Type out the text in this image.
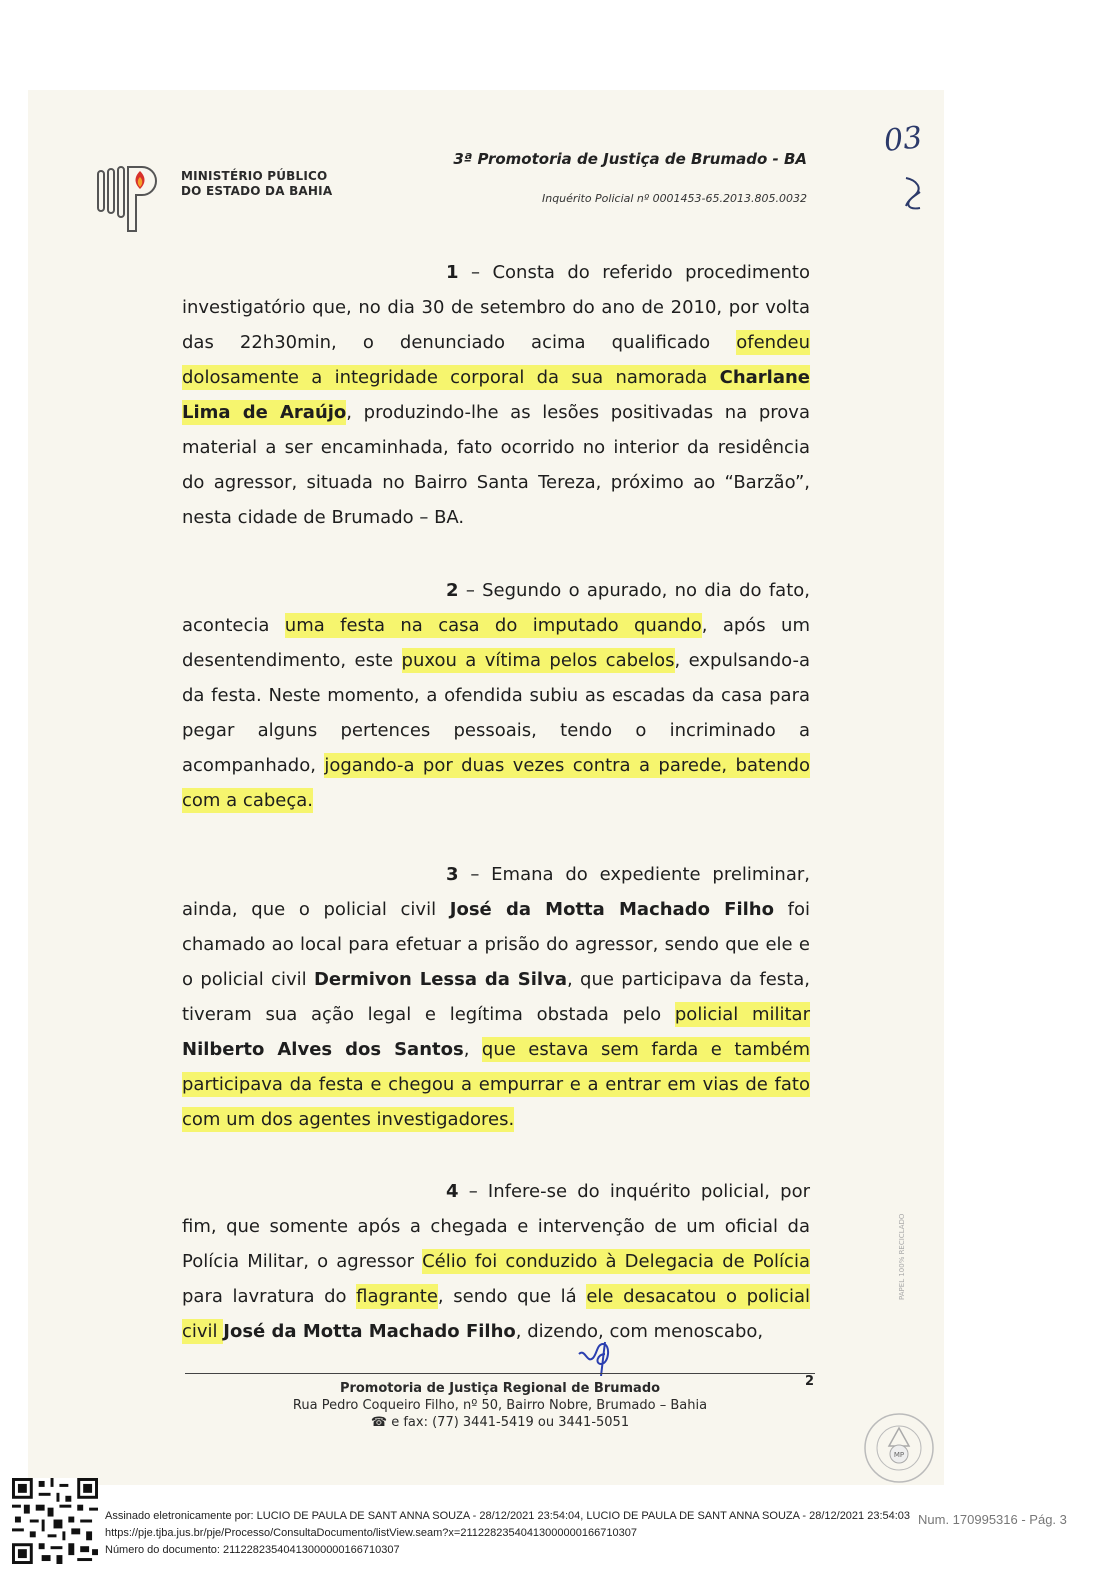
MINISTÉRIO PÚBLICO
DO ESTADO DA BAHIA
3ª Promotoria de Justiça de Brumado - BA
Inquérito Policial nº 0001453-65.2013.805.0032
03

1 – Consta do referido procedimento investigatório que, no dia 30 de setembro do ano de 2010, por volta das 22h30min, o denunciado acima qualificado ofendeu dolosamente a integridade corporal da sua namorada Charlane Lima de Araújo, produzindo-lhe as lesões positivadas na prova material a ser encaminhada, fato ocorrido no interior da residência do agressor, situada no Bairro Santa Tereza, próximo ao “Barzão”, nesta cidade de Brumado – BA.

2 – Segundo o apurado, no dia do fato, acontecia uma festa na casa do imputado quando, após um desentendimento, este puxou a vítima pelos cabelos, expulsando-a da festa. Neste momento, a ofendida subiu as escadas da casa para pegar alguns pertences pessoais, tendo o incriminado a acompanhado, jogando-a por duas vezes contra a parede, batendo com a cabeça.

3 – Emana do expediente preliminar, ainda, que o policial civil José da Motta Machado Filho foi chamado ao local para efetuar a prisão do agressor, sendo que ele e o policial civil Dermivon Lessa da Silva, que participava da festa, tiveram sua ação legal e legítima obstada pelo policial militar Nilberto Alves dos Santos, que estava sem farda e também participava da festa e chegou a empurrar e a entrar em vias de fato com um dos agentes investigadores.

4 – Infere-se do inquérito policial, por fim, que somente após a chegada e intervenção de um oficial da Polícia Militar, o agressor Célio foi conduzido à Delegacia de Polícia para lavratura do flagrante, sendo que lá ele desacatou o policial civil José da Motta Machado Filho, dizendo, com menoscabo,

2
Promotoria de Justiça Regional de Brumado
Rua Pedro Coqueiro Filho, nº 50, Bairro Nobre, Brumado – Bahia
☎ e fax: (77) 3441-5419 ou 3441-5051
PAPEL 100% RECICLADO
MP
Assinado eletronicamente por: LUCIO DE PAULA DE SANT ANNA SOUZA - 28/12/2021 23:54:04, LUCIO DE PAULA DE SANT ANNA SOUZA - 28/12/2021 23:54:03
https://pje.tjba.jus.br/pje/Processo/ConsultaDocumento/listView.seam?x=21122823540413000000166710307
Número do documento: 21122823540413000000166710307
Num. 170995316 - Pág. 3
